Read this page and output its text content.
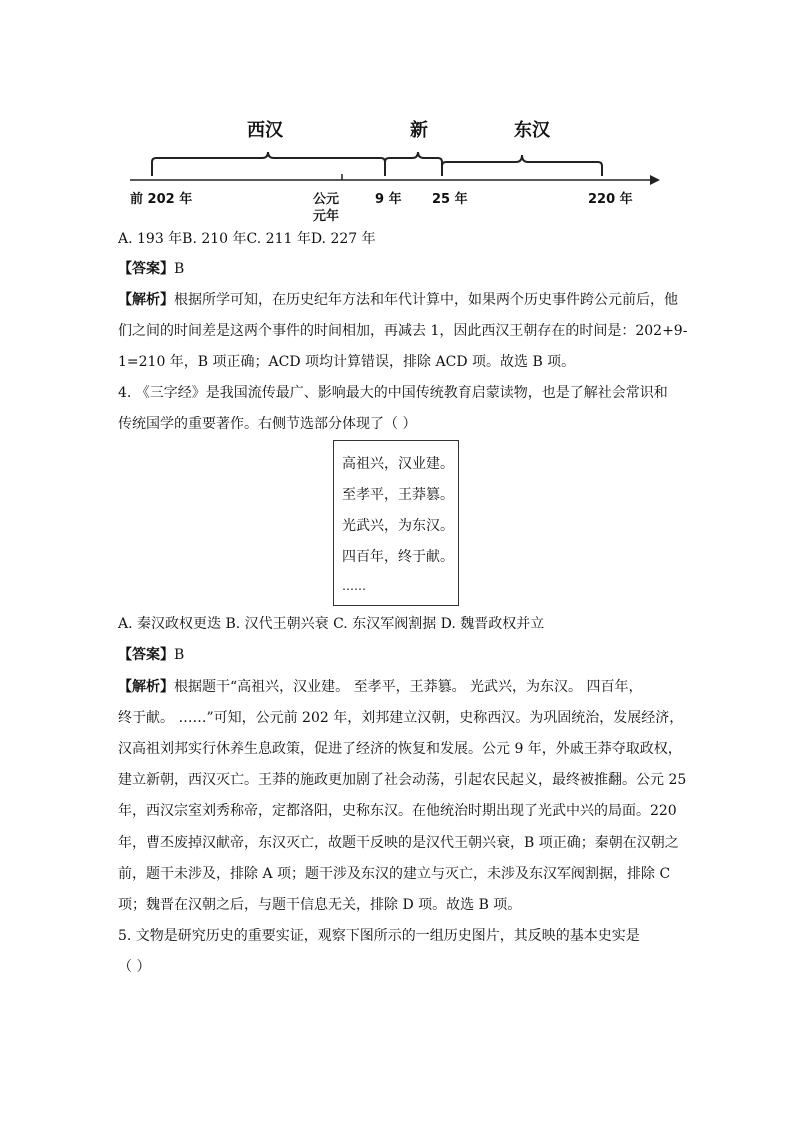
西汉	新	东汉
前 202 年	公元
元年
9 年 25 年	220 年
A. 193 年B. 210 年C. 211 年D. 227 年
【答案】B
【解析】根据所学可知，在历史纪年方法和年代计算中，如果两个历史事件跨公元前后，他
们之间的时间差是这两个事件的时间相加，再减去 1，因此西汉王朝存在的时间是：202+9-
1=210 年，B 项正确；ACD 项均计算错误，排除 ACD 项。故选 B 项。
4. 《三字经》是我国流传最广、影响最大的中国传统教育启蒙读物，也是了解社会常识和
传统国学的重要著作。右侧节选部分体现了（ ）
高祖兴，汉业建。
至孝平，王莽篡。
光武兴，为东汉。
四百年，终于献。
……
A. 秦汉政权更迭 B. 汉代王朝兴衰 C. 东汉军阀割据 D. 魏晋政权并立
【答案】B
【解析】根据题干“高祖兴，汉业建。 至孝平，王莽篡。 光武兴，为东汉。 四百年，
终于献。 ……”可知，公元前 202 年，刘邦建立汉朝，史称西汉。为巩固统治，发展经济，
汉高祖刘邦实行休养生息政策，促进了经济的恢复和发展。公元 9 年，外戚王莽夺取政权，
建立新朝，西汉灭亡。王莽的施政更加剧了社会动荡，引起农民起义，最终被推翻。公元 25
年，西汉宗室刘秀称帝，定都洛阳，史称东汉。在他统治时期出现了光武中兴的局面。220
年，曹丕废掉汉献帝，东汉灭亡，故题干反映的是汉代王朝兴衰，B 项正确；秦朝在汉朝之
前，题干未涉及，排除 A 项；题干涉及东汉的建立与灭亡，未涉及东汉军阀割据，排除 C
项；魏晋在汉朝之后，与题干信息无关，排除 D 项。故选 B 项。
5. 文物是研究历史的重要实证，观察下图所示的一组历史图片，其反映的基本史实是
（ ）
